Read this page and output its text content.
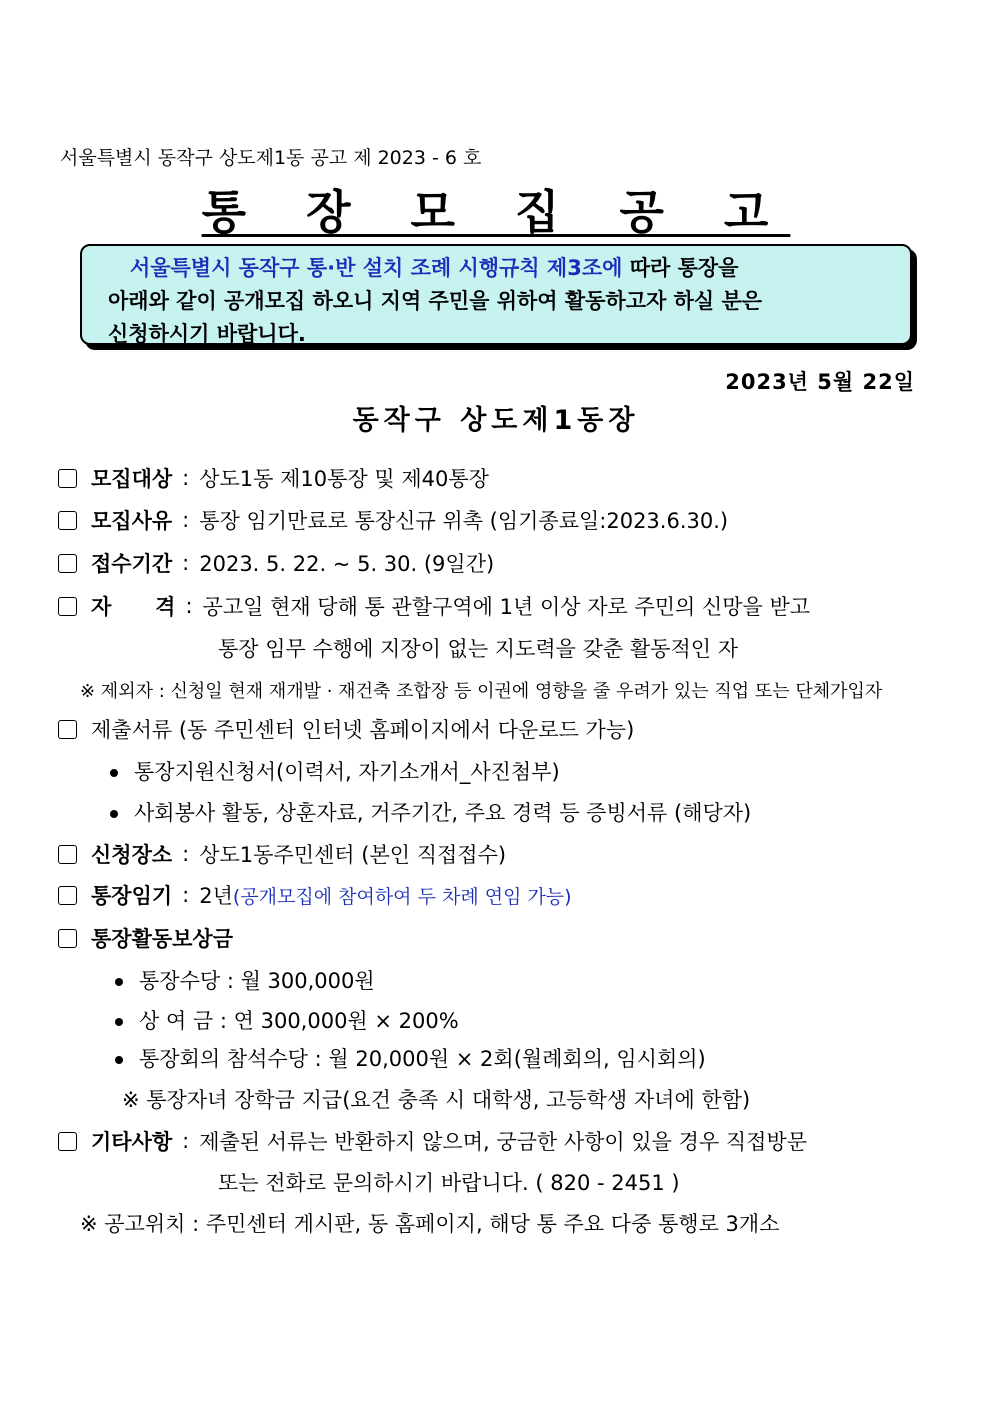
서울특별시 동작구 상도제1동 공고 제 2023 - 6 호
통 장 모 집 공 고
서울특별시 동작구 통·반 설치 조례 시행규칙 제3조에 따라 통장을
아래와 같이 공개모집 하오니 지역 주민을 위하여 활동하고자 하실 분은
신청하시기 바랍니다.
2023년 5월 22일
동작구 상도제1동장
모집대상 : 상도1동 제10통장 및 제40통장
모집사유 : 통장 임기만료로 통장신규 위촉 (임기종료일:2023.6.30.)
접수기간 : 2023. 5. 22. ~ 5. 30. (9일간)
자      격 : 공고일 현재 당해 통 관할구역에 1년 이상 자로 주민의 신망을 받고
통장 임무 수행에 지장이 없는 지도력을 갖춘 활동적인 자
※ 제외자 : 신청일 현재 재개발 · 재건축 조합장 등 이권에 영향을 줄 우려가 있는 직업 또는 단체가입자
제출서류 (동 주민센터 인터넷 홈페이지에서 다운로드 가능)
통장지원신청서(이력서, 자기소개서_사진첨부)
사회봉사 활동, 상훈자료, 거주기간, 주요 경력 등 증빙서류 (해당자)
신청장소 : 상도1동주민센터 (본인 직접접수)
통장임기 : 2년 (공개모집에 참여하여 두 차례 연임 가능)
통장활동보상금
통장수당 : 월 300,000원
상 여 금 : 연 300,000원 × 200%
통장회의 참석수당 : 월 20,000원 × 2회(월례회의, 임시회의)
※ 통장자녀 장학금 지급(요건 충족 시 대학생, 고등학생 자녀에 한함)
기타사항 : 제출된 서류는 반환하지 않으며, 궁금한 사항이 있을 경우 직접방문
또는 전화로 문의하시기 바랍니다. ( 820 - 2451 )
※ 공고위치 : 주민센터 게시판, 동 홈페이지, 해당 통 주요 다중 통행로 3개소
